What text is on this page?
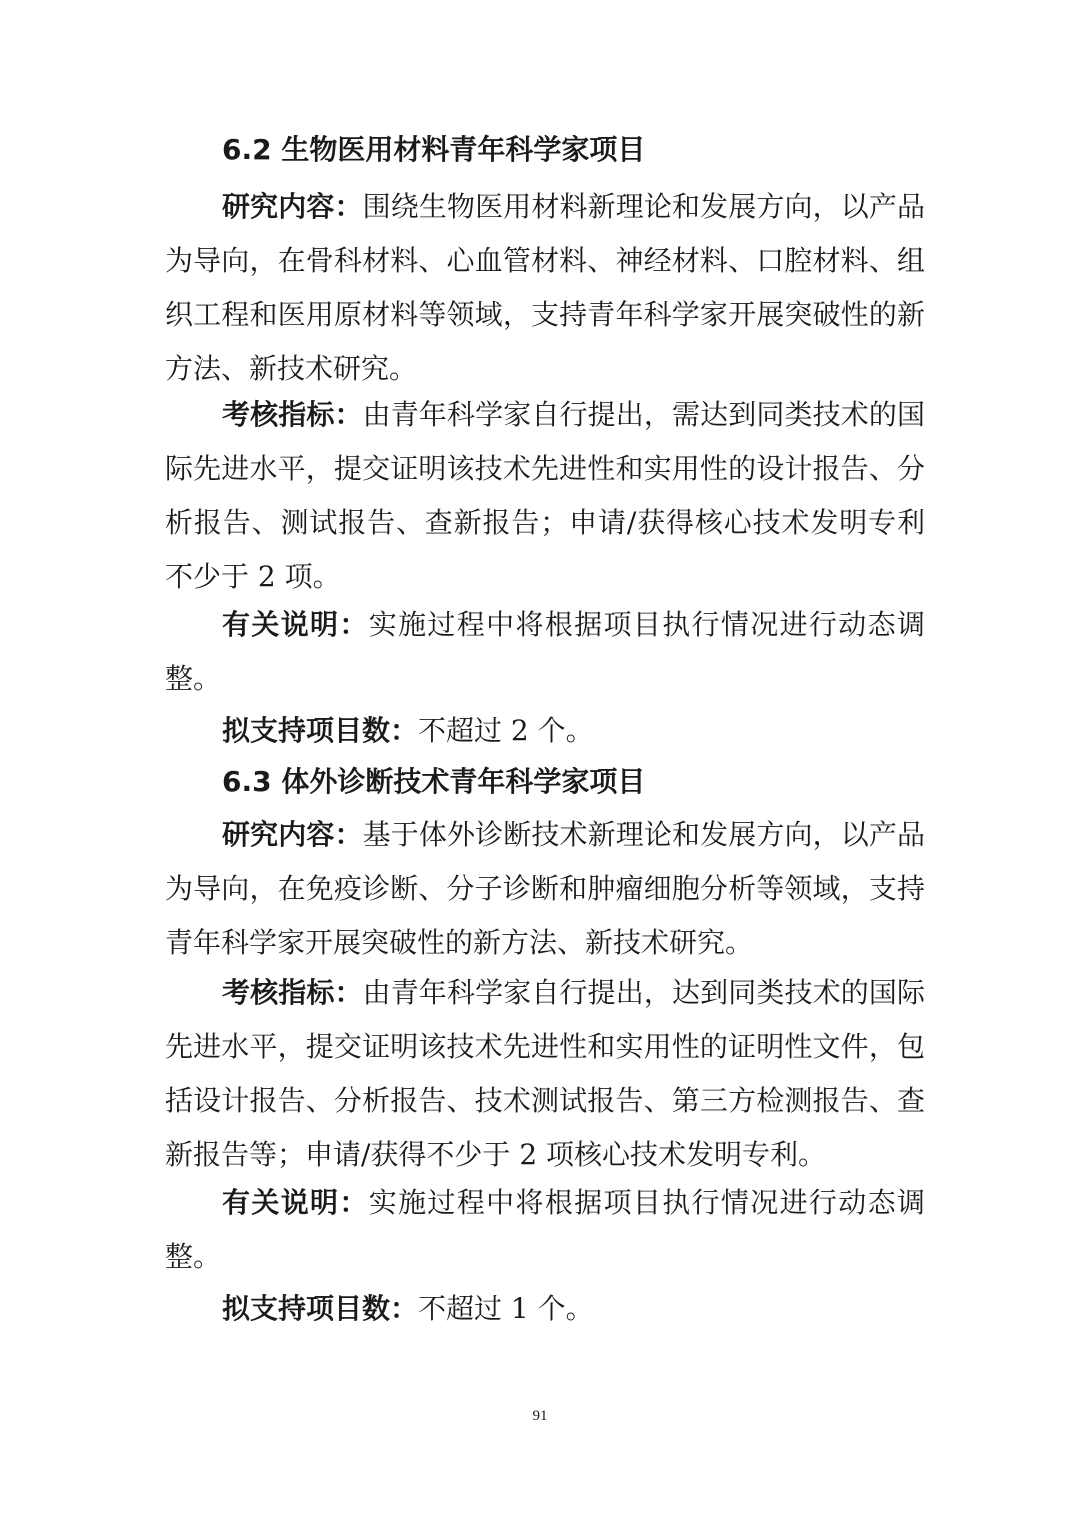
6.2 生物医用材料青年科学家项目
研究内容：围绕生物医用材料新理论和发展方向，以产品为导向，在骨科材料、心血管材料、神经材料、口腔材料、组织工程和医用原材料等领域，支持青年科学家开展突破性的新方法、新技术研究。
考核指标：由青年科学家自行提出，需达到同类技术的国际先进水平，提交证明该技术先进性和实用性的设计报告、分析报告、测试报告、查新报告；申请/获得核心技术发明专利不少于 2 项。
有关说明：实施过程中将根据项目执行情况进行动态调整。
拟支持项目数：不超过 2 个。
6.3 体外诊断技术青年科学家项目
研究内容：基于体外诊断技术新理论和发展方向，以产品为导向，在免疫诊断、分子诊断和肿瘤细胞分析等领域，支持青年科学家开展突破性的新方法、新技术研究。
考核指标：由青年科学家自行提出，达到同类技术的国际先进水平，提交证明该技术先进性和实用性的证明性文件，包括设计报告、分析报告、技术测试报告、第三方检测报告、查新报告等；申请/获得不少于 2 项核心技术发明专利。
有关说明：实施过程中将根据项目执行情况进行动态调整。
拟支持项目数：不超过 1 个。
91
